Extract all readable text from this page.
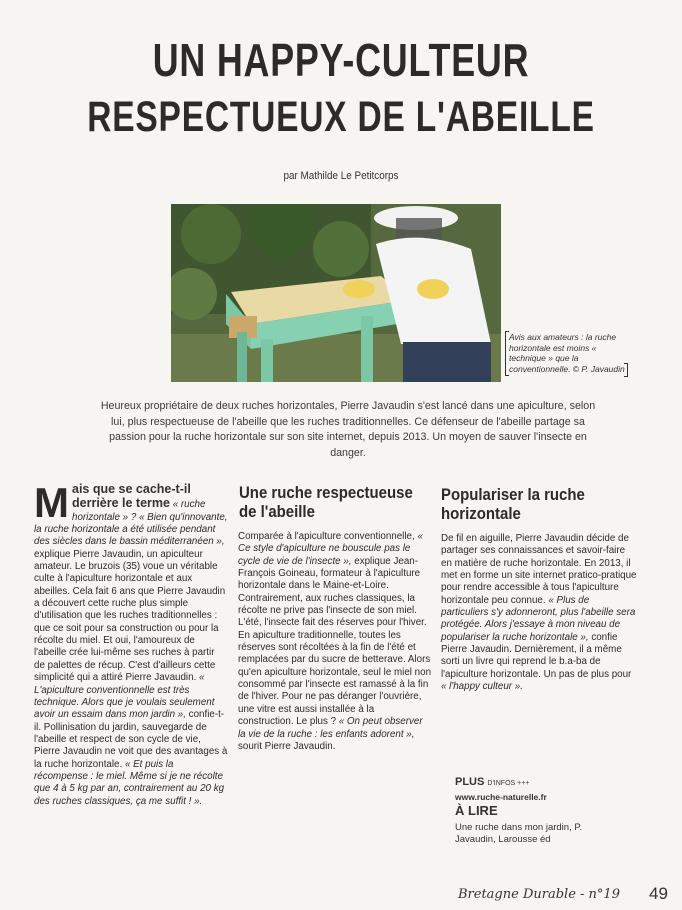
UN HAPPY-CULTEUR
RESPECTUEUX DE L'ABEILLE
par Mathilde Le Petitcorps
Avis aux amateurs : la ruche horizontale est moins « technique » que la conventionnelle. © P. Javaudin
Heureux propriétaire de deux ruches horizontales, Pierre Javaudin s'est lancé dans une apiculture, selon lui, plus respectueuse de l'abeille que les ruches traditionnelles. Ce défenseur de l'abeille partage sa passion pour la ruche horizontale sur son site internet, depuis 2013. Un moyen de sauver l'insecte en danger.

M ais que se cache-t-il derrière le terme « ruche horizontale » ? « Bien qu'innovante, la ruche horizontale a été utilisée pendant des siècles dans le bassin méditerranéen », explique Pierre Javaudin, un apiculteur amateur. Le bruzois (35) voue un véritable culte à l'apiculture horizontale et aux abeilles. Cela fait 6 ans que Pierre Javaudin a découvert cette ruche plus simple d'utilisation que les ruches traditionnelles : que ce soit pour sa construction ou pour la récolte du miel. Et oui, l'amoureux de l'abeille crée lui-même ses ruches à partir de palettes de récup. C'est d'ailleurs cette simplicité qui a attiré Pierre Javaudin. « L'apiculture conventionnelle est très technique. Alors que je voulais seulement avoir un essaim dans mon jardin », confie-t-il. Pollinisation du jardin, sauvegarde de l'abeille et respect de son cycle de vie, Pierre Javaudin ne voit que des avantages à la ruche horizontale. « Et puis la récompense : le miel. Même si je ne récolte que 4 à 5 kg par an, contrairement au 20 kg des ruches classiques, ça me suffit ! ».

Une ruche respectueuse de l'abeille

Comparée à l'apiculture conventionnelle, « Ce style d'apiculture ne bouscule pas le cycle de vie de l'insecte », explique Jean-François Goineau, formateur à l'apiculture horizontale dans le Maine-et-Loire. Contrairement, aux ruches classiques, la récolte ne prive pas l'insecte de son miel. L'été, l'insecte fait des réserves pour l'hiver. En apiculture traditionnelle, toutes les réserves sont récoltées à la fin de l'été et remplacées par du sucre de betterave. Alors qu'en apiculture horizontale, seul le miel non consommé par l'insecte est ramassé à la fin de l'hiver. Pour ne pas déranger l'ouvrière, une vitre est aussi installée à la construction. Le plus ? « On peut observer la vie de la ruche : les enfants adorent », sourit Pierre Javaudin.

Populariser la ruche horizontale

De fil en aiguille, Pierre Javaudin décide de partager ses connaissances et savoir-faire en matière de ruche horizontale. En 2013, il met en forme un site internet pratico-pratique pour rendre accessible à tous l'apiculture horizontale peu connue. « Plus de particuliers s'y adonneront, plus l'abeille sera protégée. Alors j'essaye à mon niveau de populariser la ruche horizontale », confie Pierre Javaudin. Dernièrement, il a même sorti un livre qui reprend le b.a-ba de l'apiculture horizontale. Un pas de plus pour « l'happy culteur ».

PLUS D'INFOS +++
www.ruche-naturelle.fr
À LIRE
Une ruche dans mon jardin, P. Javaudin, Larousse éd
Bretagne Durable - n°19 49
